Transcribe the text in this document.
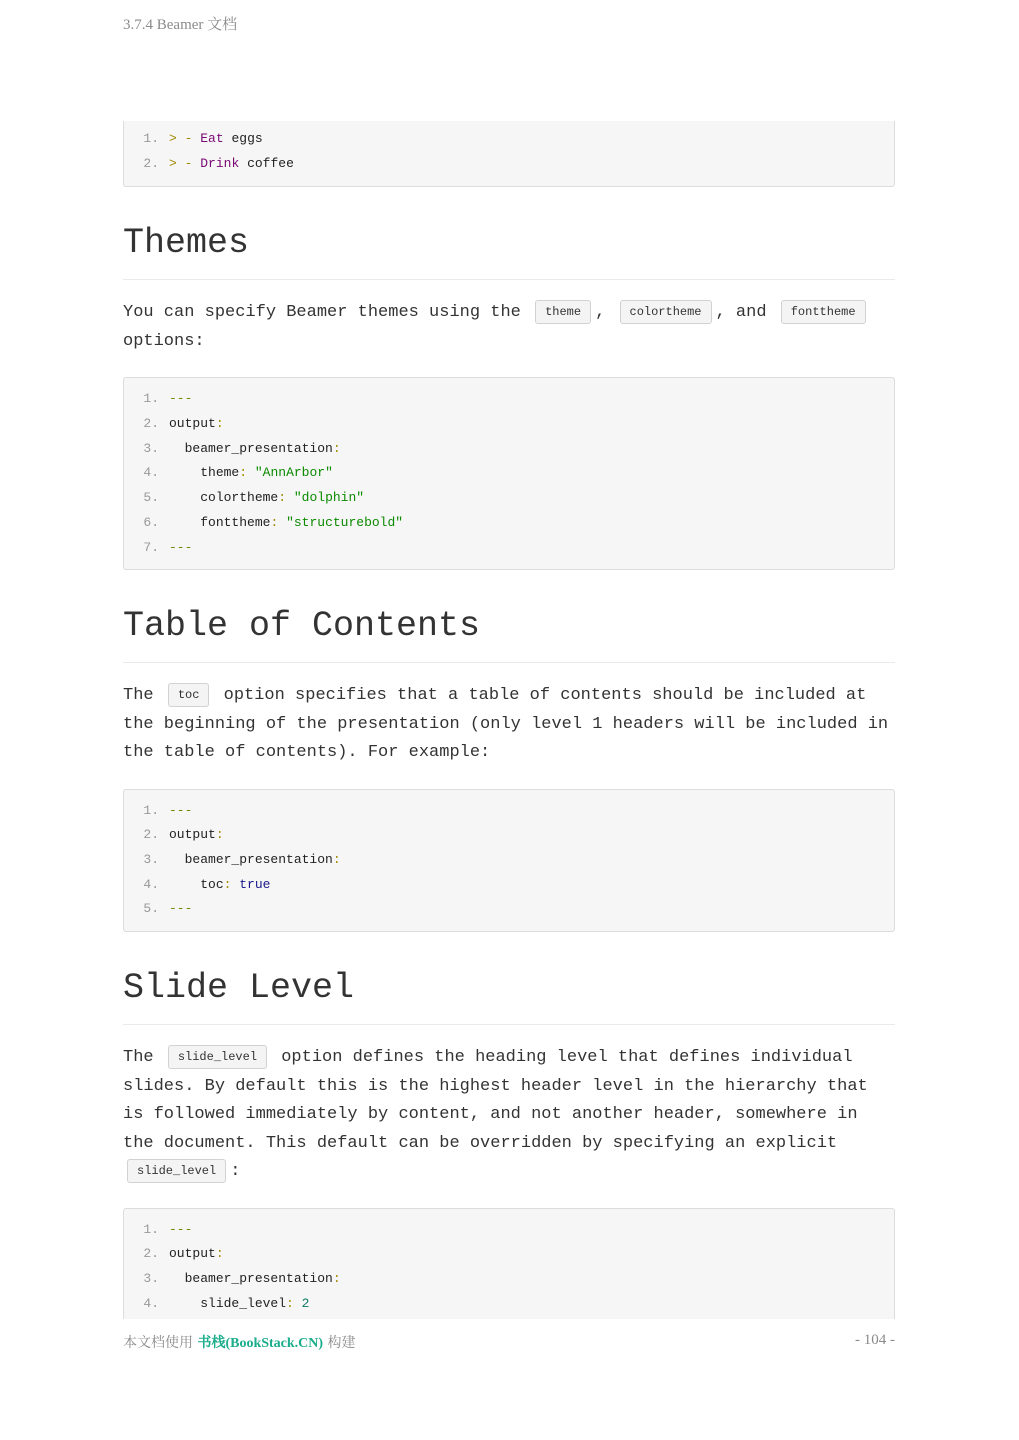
3.7.4 Beamer 文档
1. > - Eat eggs
2. > - Drink coffee
Themes

You can specify Beamer themes using the theme , colortheme , and fonttheme options:

1. ---
2. output:
3. beamer_presentation:
4.	theme: "AnnArbor"
5.	colortheme: "dolphin"
6.	fonttheme: "structurebold"
7. ---
Table of Contents

The toc option specifies that a table of contents should be included at the beginning of the presentation (only level 1 headers will be included in the table of contents). For example:

1. ---
2. output:
3. beamer_presentation:
4.	toc: true
5. ---
Slide Level

The slide_level option defines the heading level that defines individual slides. By default this is the highest header level in the hierarchy that is followed immediately by content, and not another header, somewhere in the document. This default can be overridden by specifying an explicit slide_level :

1. ---
2. output:
3. beamer_presentation:
4.	slide_level: 2
本文档使用 书栈(BookStack.CN) 构建	- 104 -
